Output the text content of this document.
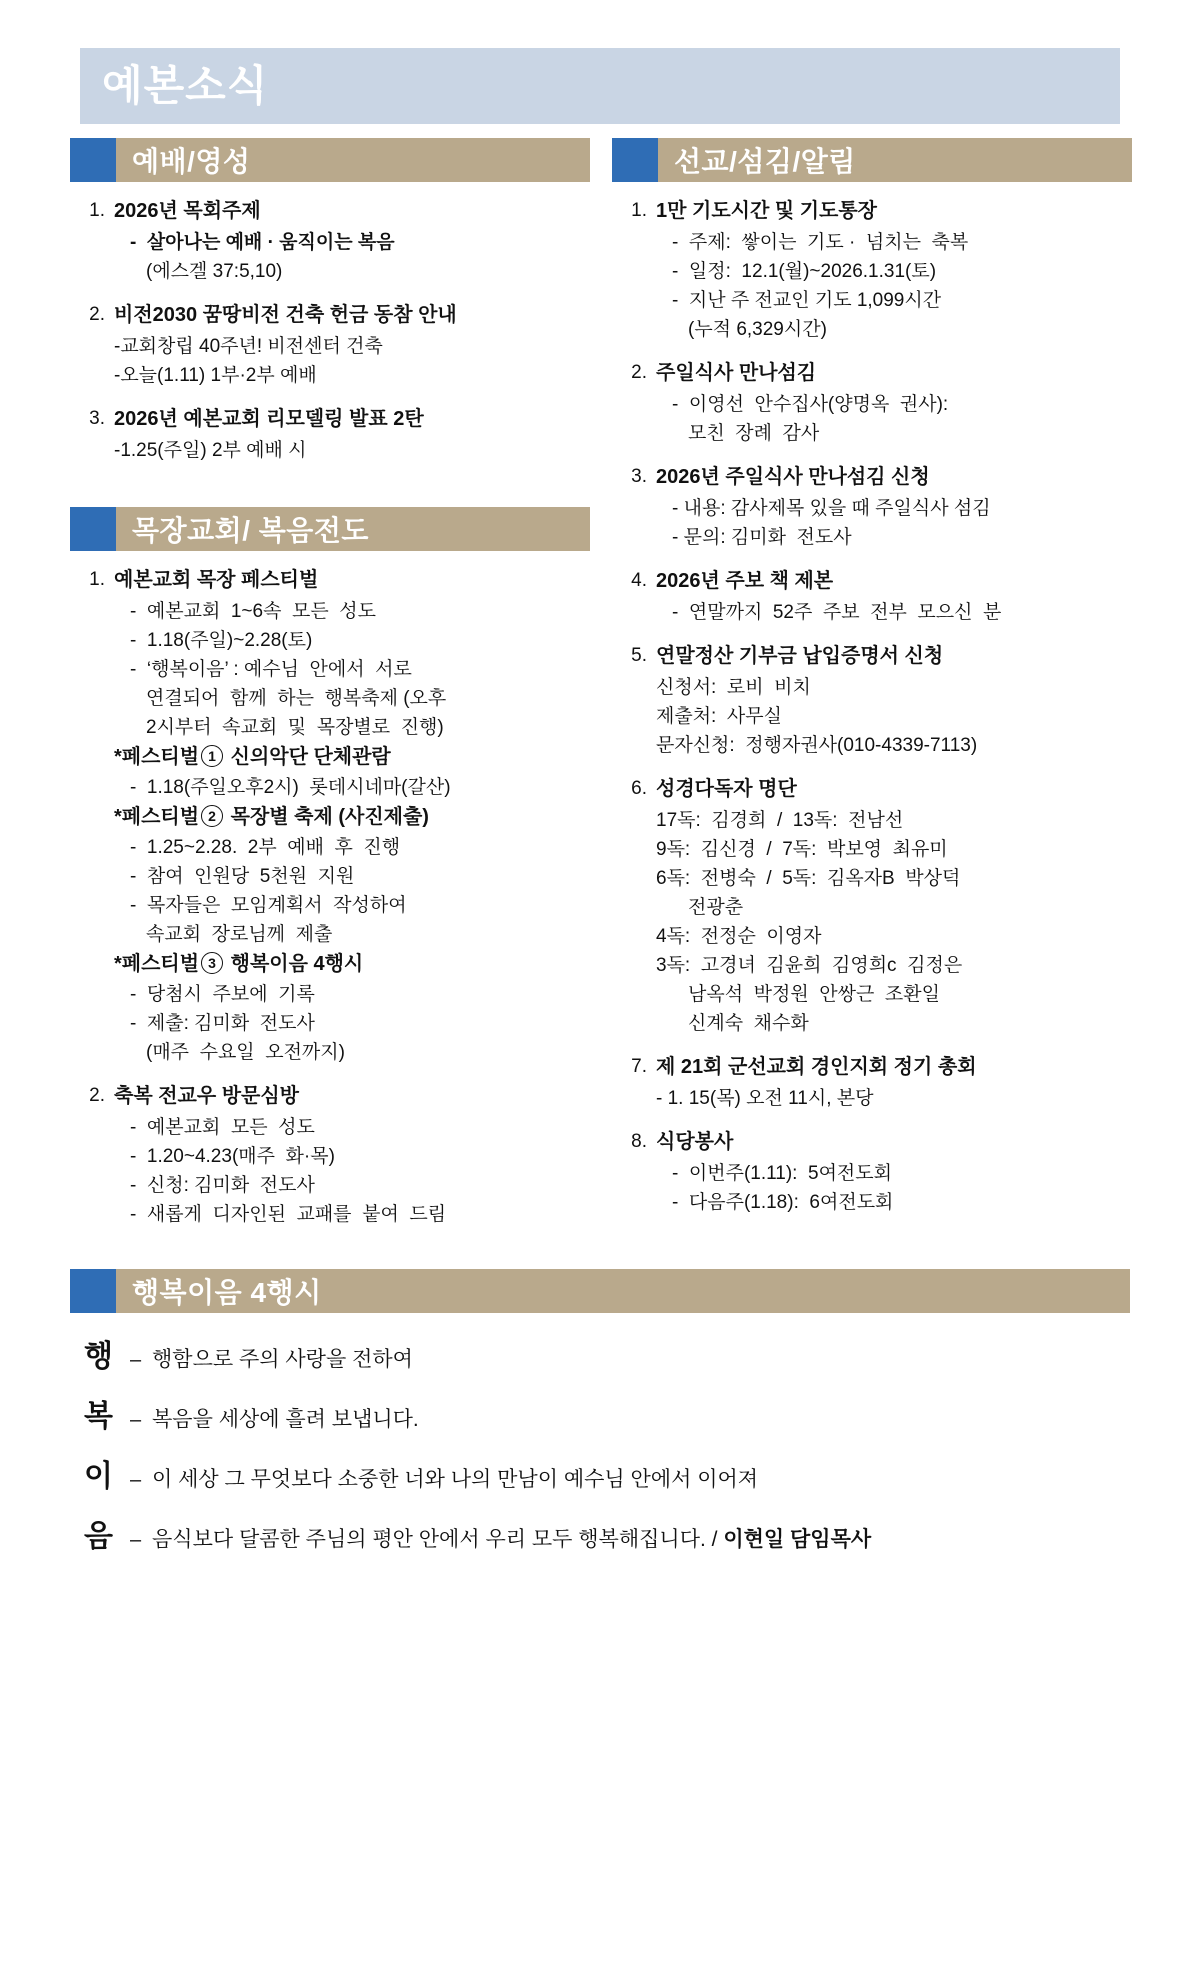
예본소식
예배/영성
1. 2026년 목회주제
-  살아나는 예배 · 움직이는 복음
(에스겔 37:5,10)
2. 비전2030 꿈땅비전 건축 헌금 동참 안내
-교회창립 40주년! 비전센터 건축
-오늘(1.11) 1부·2부 예배
3. 2026년 예본교회 리모델링 발표 2탄
-1.25(주일) 2부 예배 시
목장교회/ 복음전도
1. 예본교회 목장 페스티벌
-  예본교회  1~6속  모든  성도
-  1.18(주일)~2.28(토)
-  ‘행복이음’ : 예수님  안에서  서로
연결되어  함께  하는  행복축제 (오후
2시부터  속교회  및  목장별로  진행)
*페스티벌 1 신의악단 단체관람
-  1.18(주일오후2시)  롯데시네마(갈산)
*페스티벌 2 목장별 축제 (사진제출)
-  1.25~2.28.  2부  예배  후  진행
-  참여  인원당  5천원  지원
-  목자들은  모임계획서  작성하여
속교회  장로님께  제출
*페스티벌 3 행복이음 4행시
-  당첨시  주보에  기록
-  제출: 김미화  전도사
(매주  수요일  오전까지)
2. 축복 전교우 방문심방
-  예본교회  모든  성도
-  1.20~4.23(매주  화·목)
-  신청: 김미화  전도사
-  새롭게  디자인된  교패를  붙여  드림
선교/섬김/알림
1. 1만 기도시간 및 기도통장
-  주제:  쌓이는  기도 ·  넘치는  축복
-  일정:  12.1(월)~2026.1.31(토)
-  지난 주 전교인 기도 1,099시간
(누적 6,329시간)
2. 주일식사 만나섬김
-  이영선  안수집사(양명옥  권사):
모친  장례  감사
3. 2026년 주일식사 만나섬김 신청
- 내용: 감사제목 있을 때 주일식사 섬김
- 문의: 김미화  전도사
4. 2026년 주보 책 제본
-  연말까지  52주  주보  전부  모으신  분
5. 연말정산 기부금 납입증명서 신청
신청서:  로비  비치
제출처:  사무실
문자신청:  정행자권사(010-4339-7113)
6. 성경다독자 명단
17독:  김경희  /  13독:  전남선
9독:  김신경  /  7독:  박보영  최유미
6독:  전병숙  /  5독:  김옥자B  박상덕
전광춘
4독:  전정순  이영자
3독:  고경녀  김윤희  김영희c  김정은
남옥석  박정원  안쌍근  조환일
신계숙  채수화
7. 제 21회 군선교회 경인지회 정기 총회
- 1. 15(목) 오전 11시, 본당
8. 식당봉사
-  이번주(1.11):  5여전도회
-  다음주(1.18):  6여전도회
행복이음 4행시
행 – 행함으로 주의 사랑을 전하여
복 – 복음을 세상에 흘려 보냅니다.
이 – 이 세상 그 무엇보다 소중한 너와 나의 만남이 예수님 안에서 이어져
음 – 음식보다 달콤한 주님의 평안 안에서 우리 모두 행복해집니다. / 이현일 담임목사
